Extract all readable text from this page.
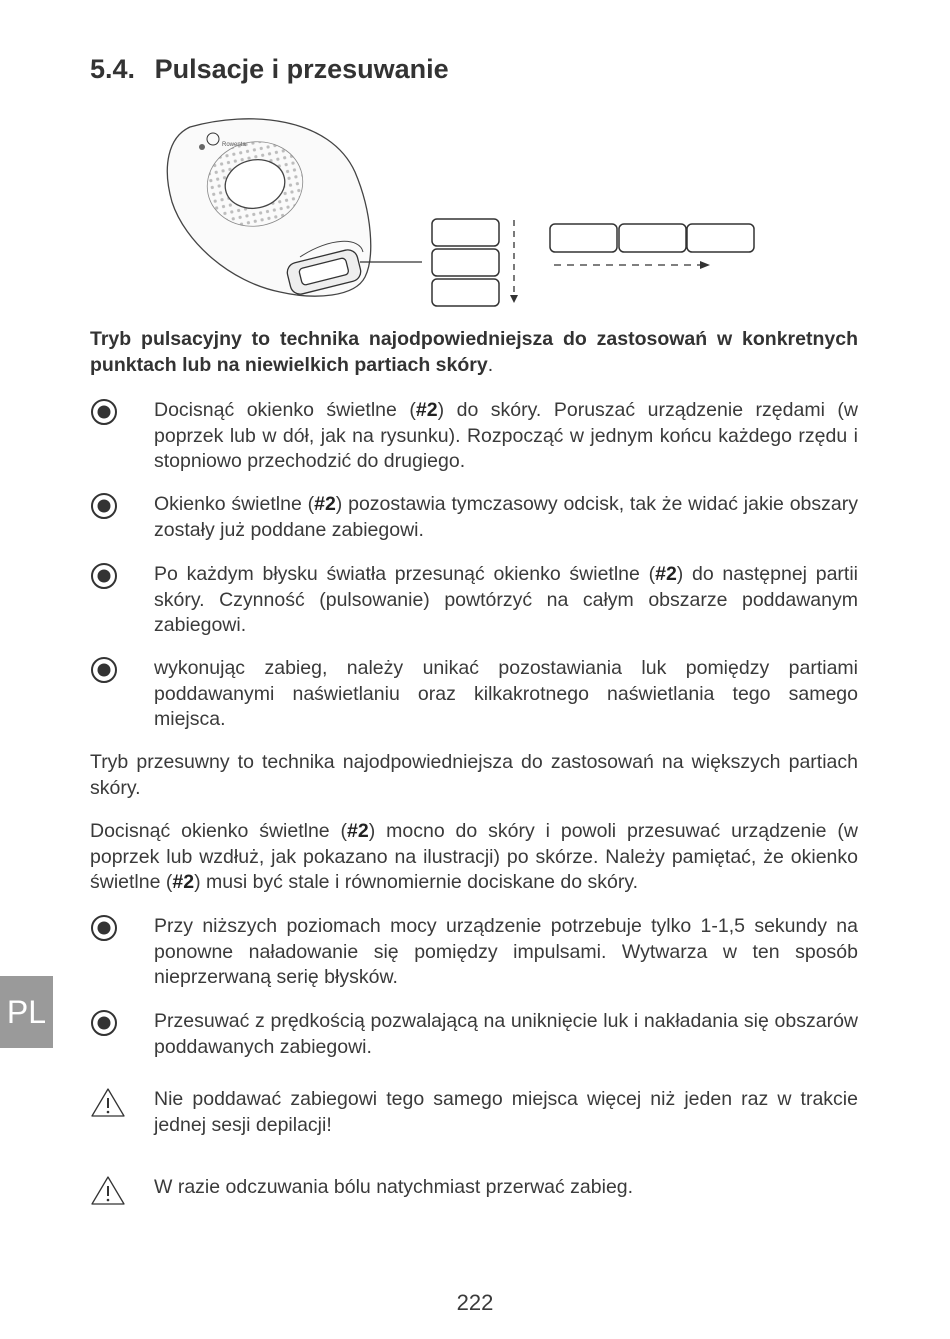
5.4. Pulsacje i przesuwanie
Rowenta
Tryb pulsacyjny to technika najodpowiedniejsza do zastosowań w konkretnych punktach lub na niewielkich partiach skóry.
Docisnąć okienko świetlne (#2) do skóry. Poruszać urządzenie rzędami (w poprzek lub w dół, jak na rysunku). Rozpocząć w jednym końcu każdego rzędu i stopniowo przechodzić do drugiego.
Okienko świetlne (#2) pozostawia tymczasowy odcisk, tak że widać jakie obszary zostały już poddane zabiegowi.
Po każdym błysku światła przesunąć okienko świetlne (#2) do następnej partii skóry. Czynność (pulsowanie) powtórzyć na całym obszarze poddawanym zabiegowi.
wykonując zabieg, należy unikać pozostawiania luk pomiędzy partiami poddawanymi naświetlaniu oraz kilkakrotnego naświetlania tego samego miejsca.
Tryb przesuwny to technika najodpowiedniejsza do zastosowań na większych partiach skóry.
Docisnąć okienko świetlne (#2) mocno do skóry i powoli przesuwać urządzenie (w poprzek lub wzdłuż, jak pokazano na ilustracji) po skórze. Należy pamiętać, że okienko świetlne (#2) musi być stale i równomiernie dociskane do skóry.
Przy niższych poziomach mocy urządzenie potrzebuje tylko 1-1,5 sekundy na ponowne naładowanie się pomiędzy impulsami. Wytwarza w ten sposób nieprzerwaną serię błysków.
Przesuwać z prędkością pozwalającą na uniknięcie luk i nakładania się obszarów poddawanych zabiegowi.
Nie poddawać zabiegowi tego samego miejsca więcej niż jeden raz w trakcie jednej sesji depilacji!
W razie odczuwania bólu natychmiast przerwać zabieg.
PL
222
